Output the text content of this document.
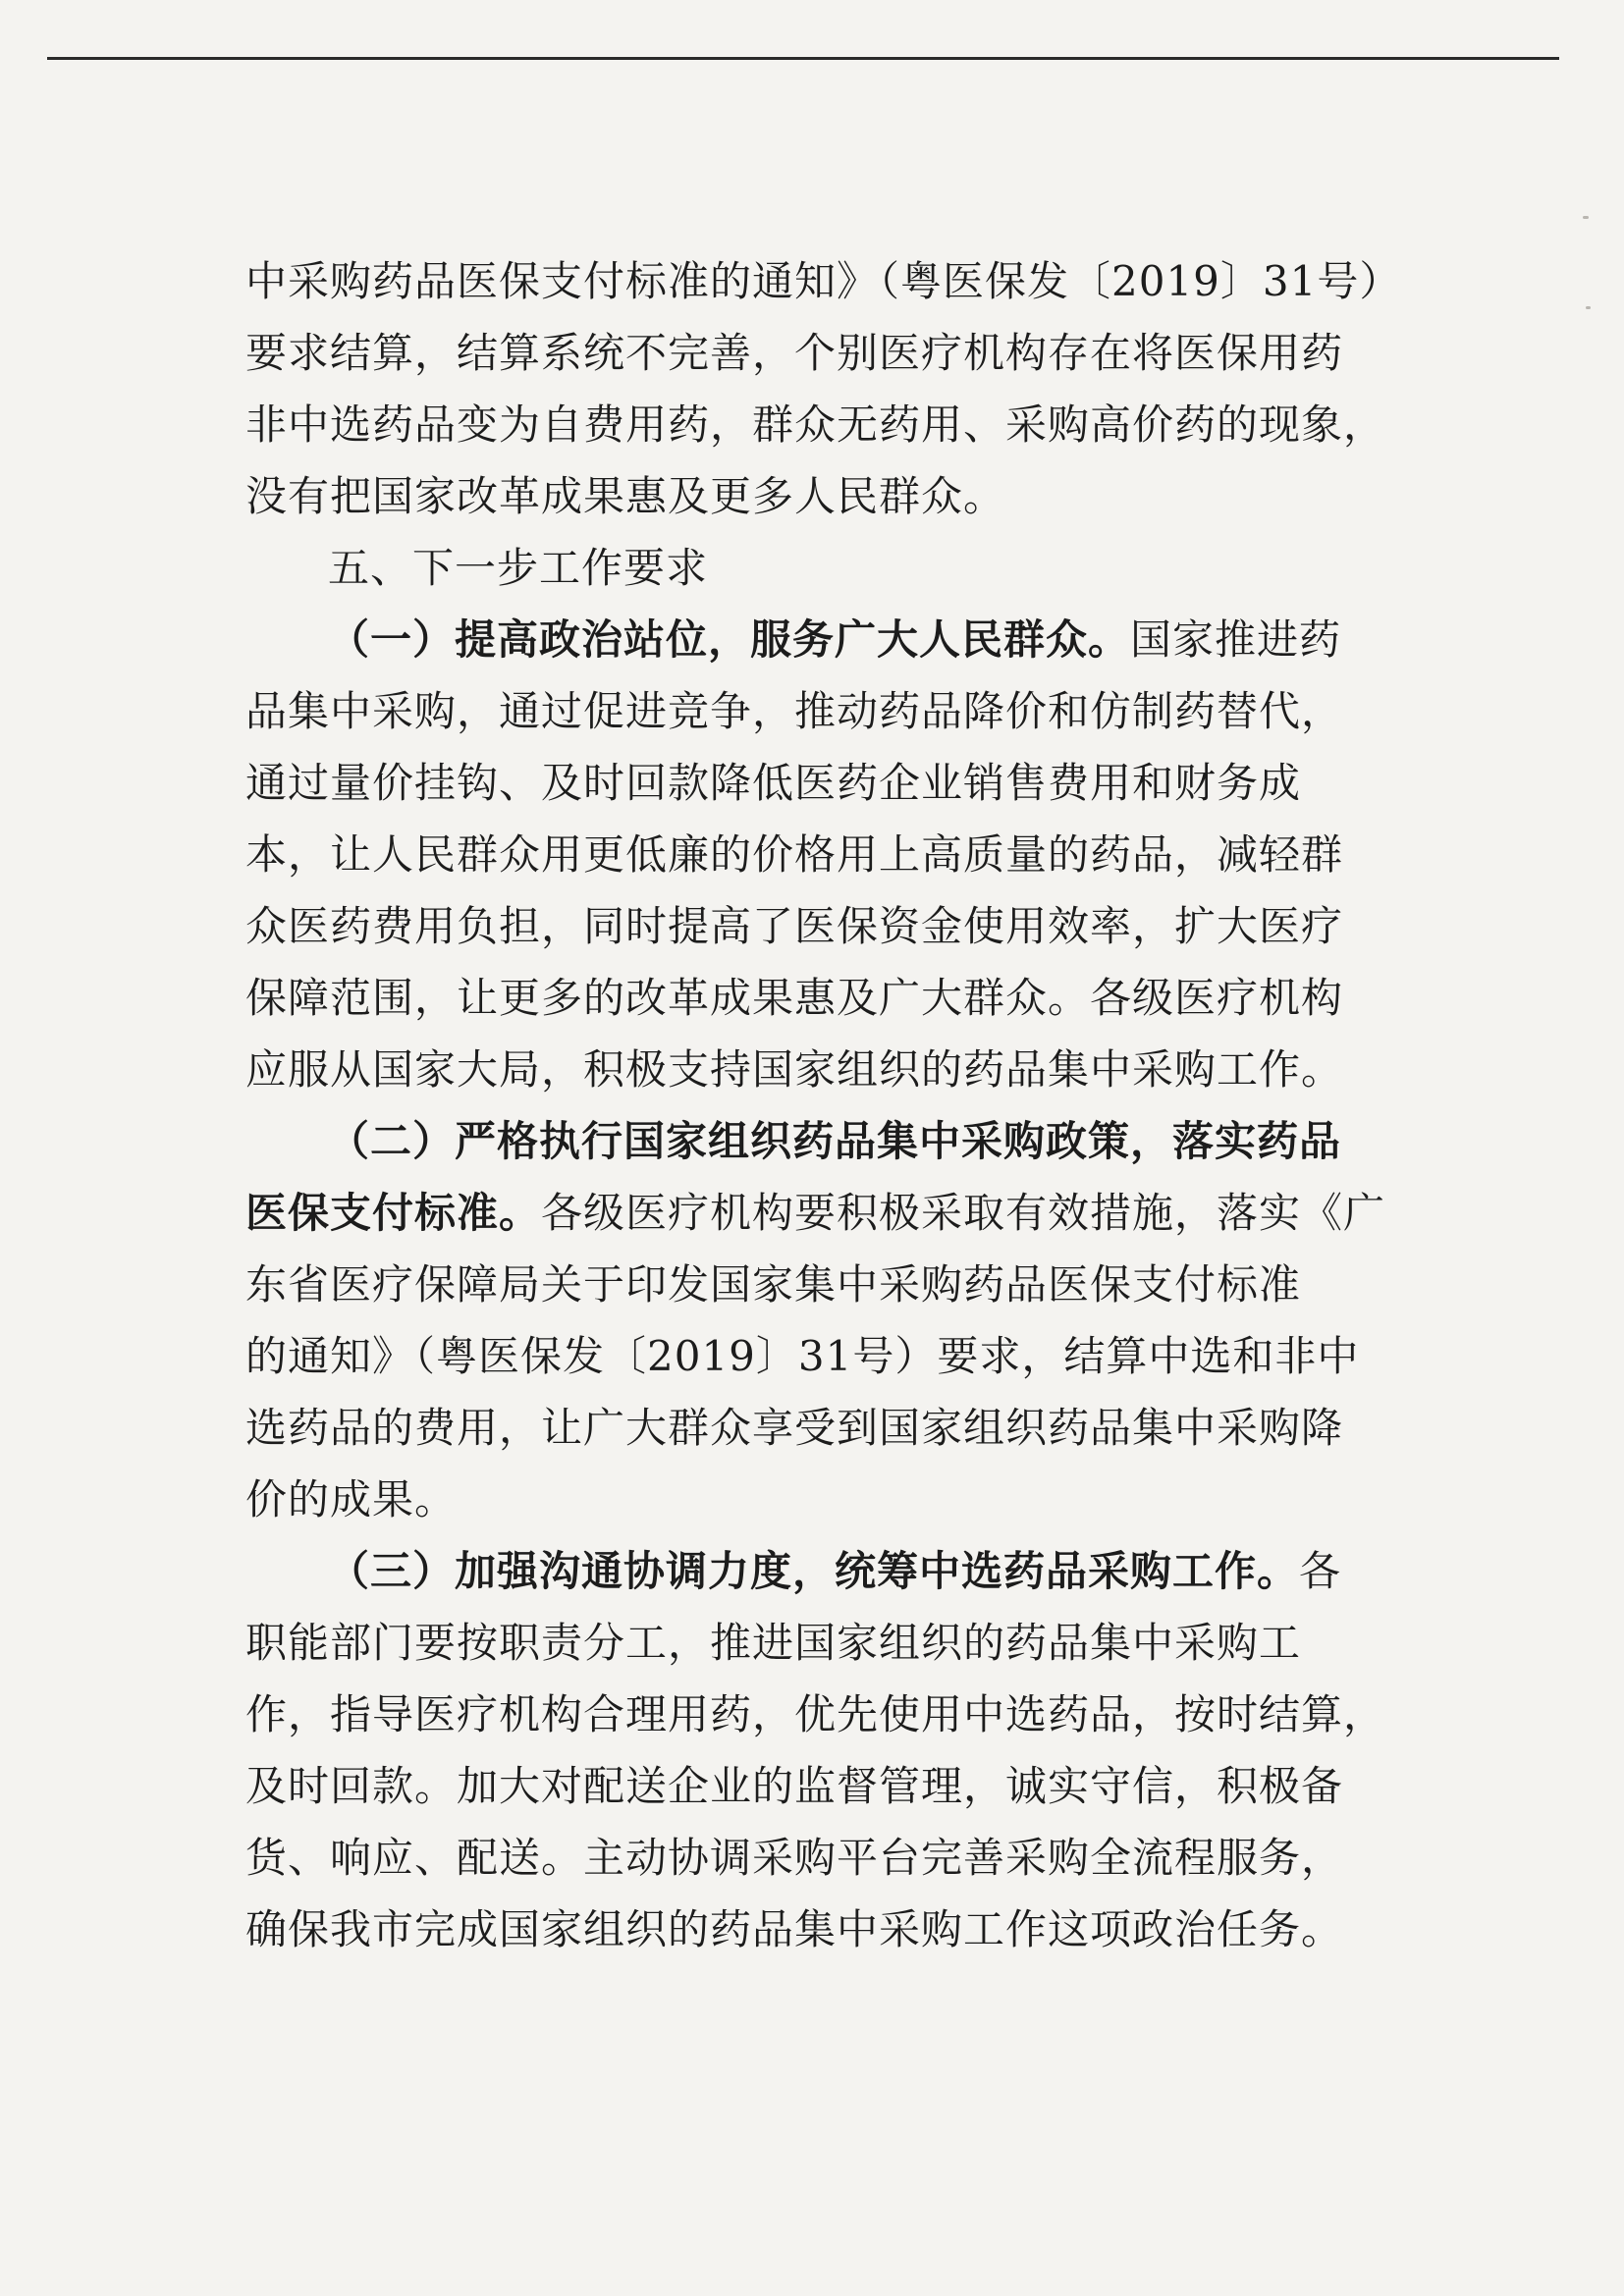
中采购药品医保支付标准的通知》（粤医保发〔2019〕31号）
要求结算，结算系统不完善，个别医疗机构存在将医保用药
非中选药品变为自费用药，群众无药用、采购高价药的现象，
没有把国家改革成果惠及更多人民群众。
五、下一步工作要求
（一）提高政治站位，服务广大人民群众。国家推进药
品集中采购，通过促进竞争，推动药品降价和仿制药替代，
通过量价挂钩、及时回款降低医药企业销售费用和财务成
本，让人民群众用更低廉的价格用上高质量的药品，减轻群
众医药费用负担，同时提高了医保资金使用效率，扩大医疗
保障范围，让更多的改革成果惠及广大群众。各级医疗机构
应服从国家大局，积极支持国家组织的药品集中采购工作。
（二）严格执行国家组织药品集中采购政策，落实药品
医保支付标准。各级医疗机构要积极采取有效措施，落实《广
东省医疗保障局关于印发国家集中采购药品医保支付标准
的通知》（粤医保发〔2019〕31号）要求，结算中选和非中
选药品的费用，让广大群众享受到国家组织药品集中采购降
价的成果。
（三）加强沟通协调力度，统筹中选药品采购工作。各
职能部门要按职责分工，推进国家组织的药品集中采购工
作，指导医疗机构合理用药，优先使用中选药品，按时结算，
及时回款。加大对配送企业的监督管理，诚实守信，积极备
货、响应、配送。主动协调采购平台完善采购全流程服务，
确保我市完成国家组织的药品集中采购工作这项政治任务。
